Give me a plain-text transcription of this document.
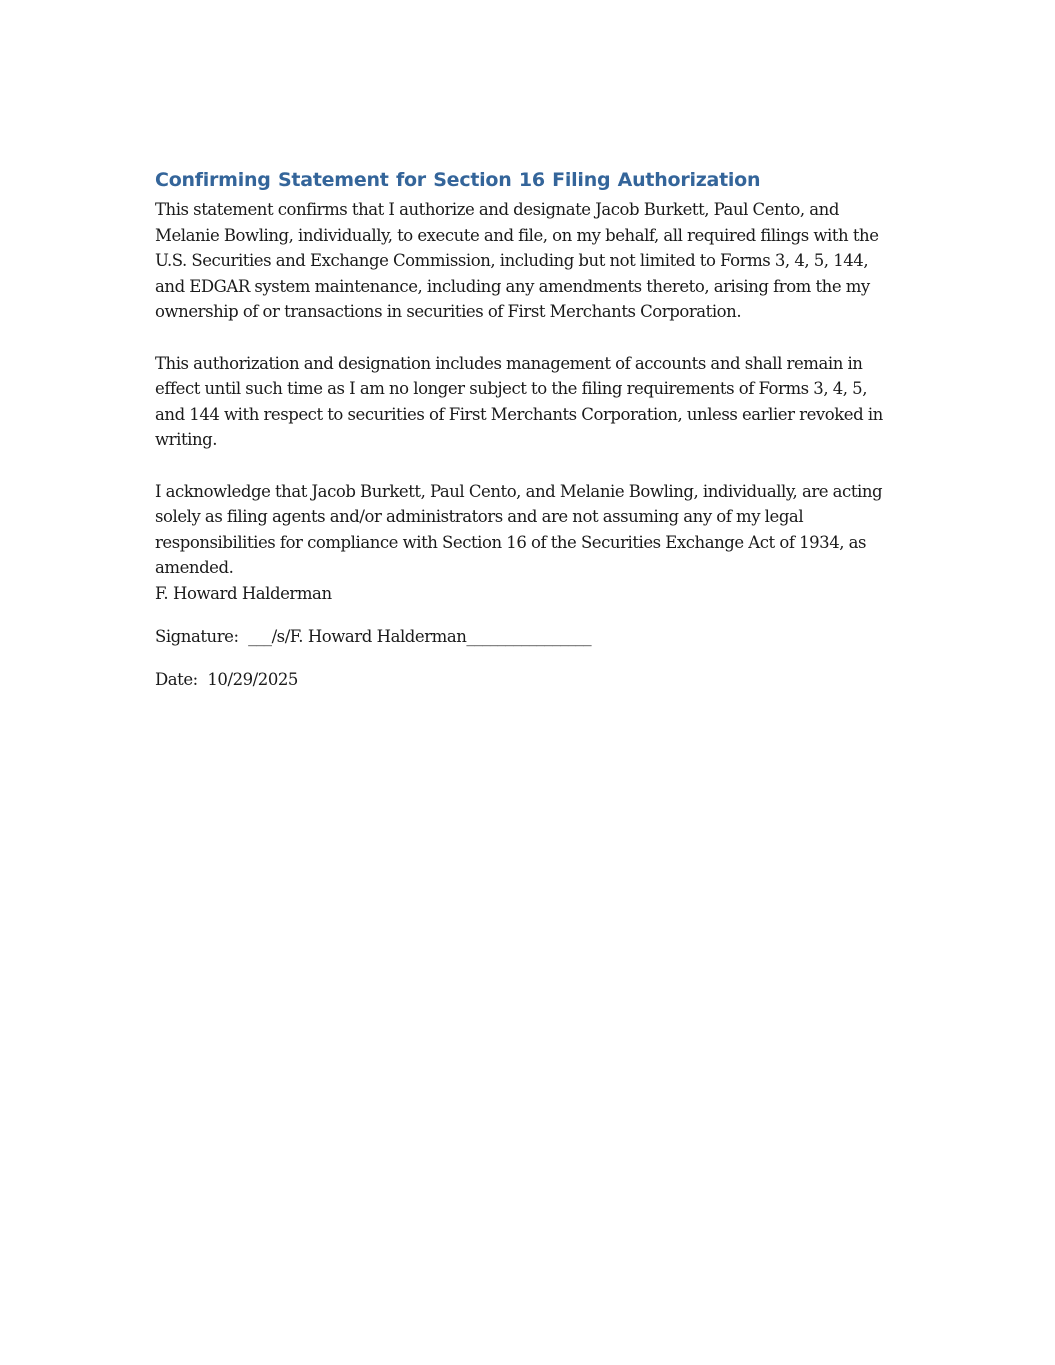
Confirming Statement for Section 16 Filing Authorization

This statement confirms that I authorize and designate Jacob Burkett, Paul Cento, and Melanie Bowling, individually, to execute and file, on my behalf, all required filings with the U.S. Securities and Exchange Commission, including but not limited to Forms 3, 4, 5, 144, and EDGAR system maintenance, including any amendments thereto, arising from the my ownership of or transactions in securities of First Merchants Corporation.

This authorization and designation includes management of accounts and shall remain in effect until such time as I am no longer subject to the filing requirements of Forms 3, 4, 5, and 144 with respect to securities of First Merchants Corporation, unless earlier revoked in writing.

I acknowledge that Jacob Burkett, Paul Cento, and Melanie Bowling, individually, are acting solely as filing agents and/or administrators and are not assuming any of my legal responsibilities for compliance with Section 16 of the Securities Exchange Act of 1934, as amended.

F. Howard Halderman

Signature: ___/s/F. Howard Halderman________________

Date: 10/29/2025
